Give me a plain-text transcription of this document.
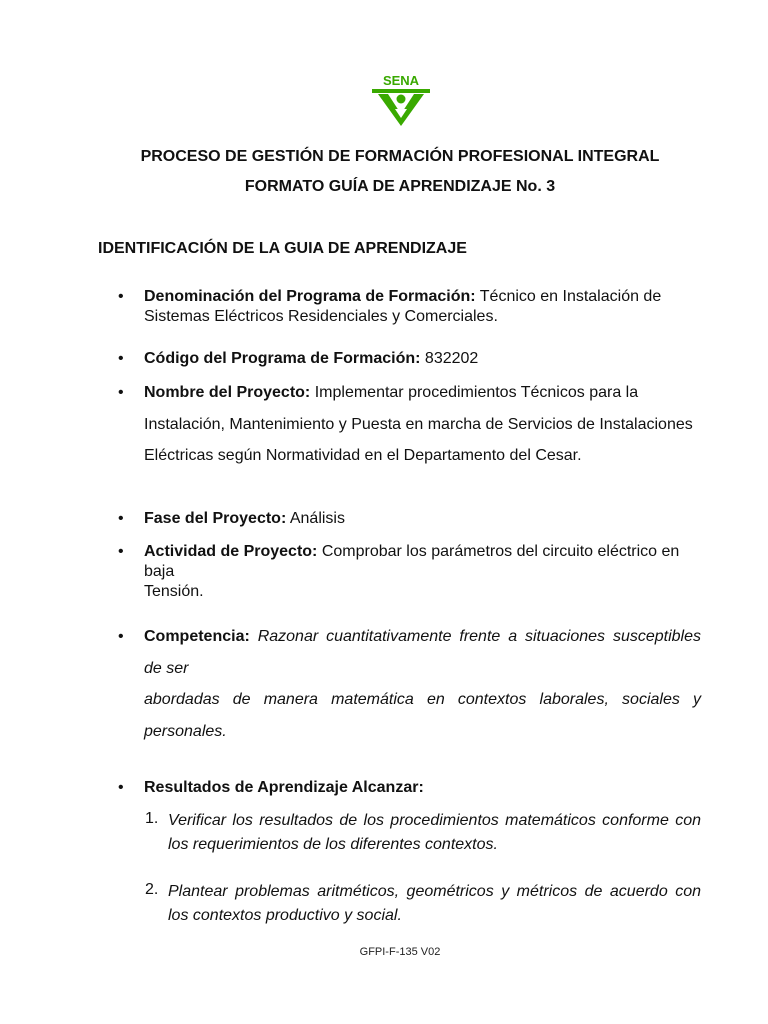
SENA
PROCESO DE GESTIÓN DE FORMACIÓN PROFESIONAL INTEGRAL
FORMATO GUÍA DE APRENDIZAJE No. 3
IDENTIFICACIÓN DE LA GUIA DE APRENDIZAJE
• Denominación del Programa de Formación: Técnico en Instalación de Sistemas Eléctricos Residenciales y Comerciales.
• Código del Programa de Formación: 832202
• Nombre del Proyecto: Implementar procedimientos Técnicos para la Instalación, Mantenimiento y Puesta en marcha de Servicios de Instalaciones Eléctricas según Normatividad en el Departamento del Cesar.
• Fase del Proyecto: Análisis
• Actividad de Proyecto: Comprobar los parámetros del circuito eléctrico en baja
Tensión.
• Competencia: Razonar cuantitativamente frente a situaciones susceptibles de ser
abordadas de manera matemática en contextos laborales, sociales y personales.
• Resultados de Aprendizaje Alcanzar:
1. Verificar los resultados de los procedimientos matemáticos conforme con los requerimientos de los diferentes contextos.
2. Plantear problemas aritméticos, geométricos y métricos de acuerdo con los contextos productivo y social.
GFPI-F-135 V02
